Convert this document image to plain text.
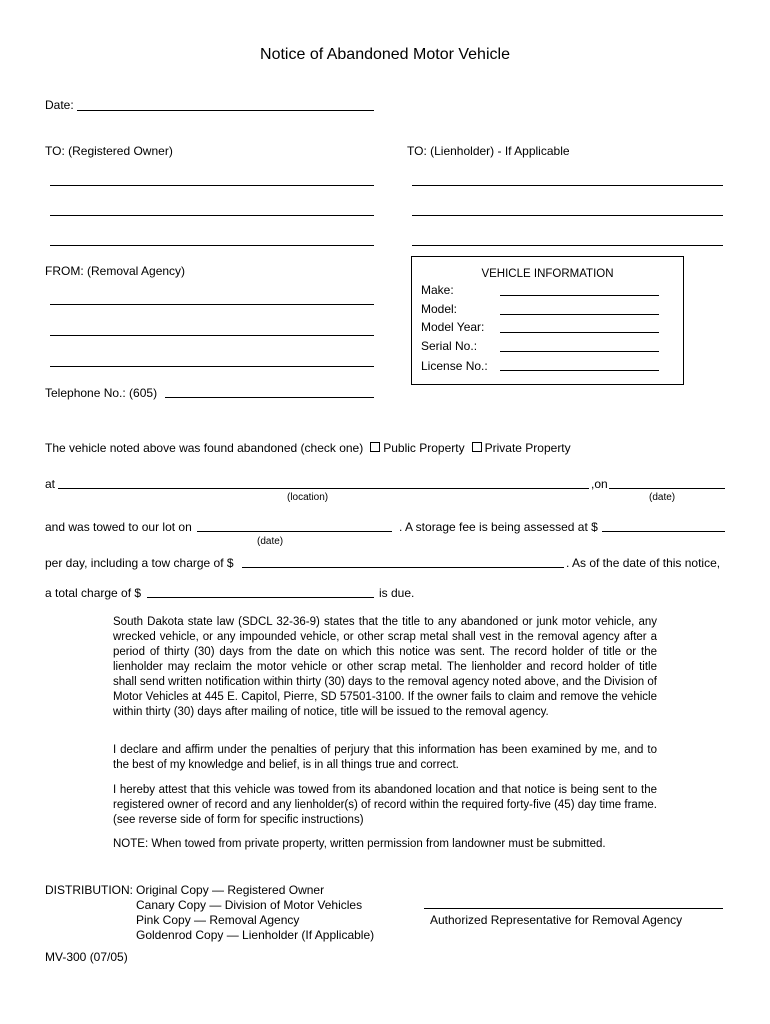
Notice of Abandoned Motor Vehicle
Date:
TO: (Registered Owner)	TO: (Lienholder) - If Applicable
FROM: (Removal Agency)
Telephone No.: (605)
VEHICLE INFORMATION
Make:
Model:
Model Year:
Serial No.:
License No.:
The vehicle noted above was found abandoned (check one) Public Property Private Property
at	,on
(location)	(date)
and was towed to our lot on	. A storage fee is being assessed at $
(date)
per day, including a tow charge of $	. As of the date of this notice,
a total charge of $	is due.
South Dakota state law (SDCL 32-36-9) states that the title to any abandoned or junk motor vehicle, any wrecked vehicle, or any impounded vehicle, or other scrap metal shall vest in the removal agency after a period of thirty (30) days from the date on which this notice was sent. The record holder of title or the lienholder may reclaim the motor vehicle or other scrap metal. The lienholder and record holder of title shall send written notification within thirty (30) days to the removal agency noted above, and the Division of Motor Vehicles at 445 E. Capitol, Pierre, SD 57501-3100. If the owner fails to claim and remove the vehicle within thirty (30) days after mailing of notice, title will be issued to the removal agency.
I declare and affirm under the penalties of perjury that this information has been examined by me, and to the best of my knowledge and belief, is in all things true and correct.
I hereby attest that this vehicle was towed from its abandoned location and that notice is being sent to the registered owner of record and any lienholder(s) of record within the required forty-five (45) day time frame. (see reverse side of form for specific instructions)
NOTE: When towed from private property, written permission from landowner must be submitted.
DISTRIBUTION: Original Copy — Registered Owner
Canary Copy — Division of Motor Vehicles
Pink Copy — Removal Agency
Goldenrod Copy — Lienholder (If Applicable)
Authorized Representative for Removal Agency
MV-300 (07/05)
